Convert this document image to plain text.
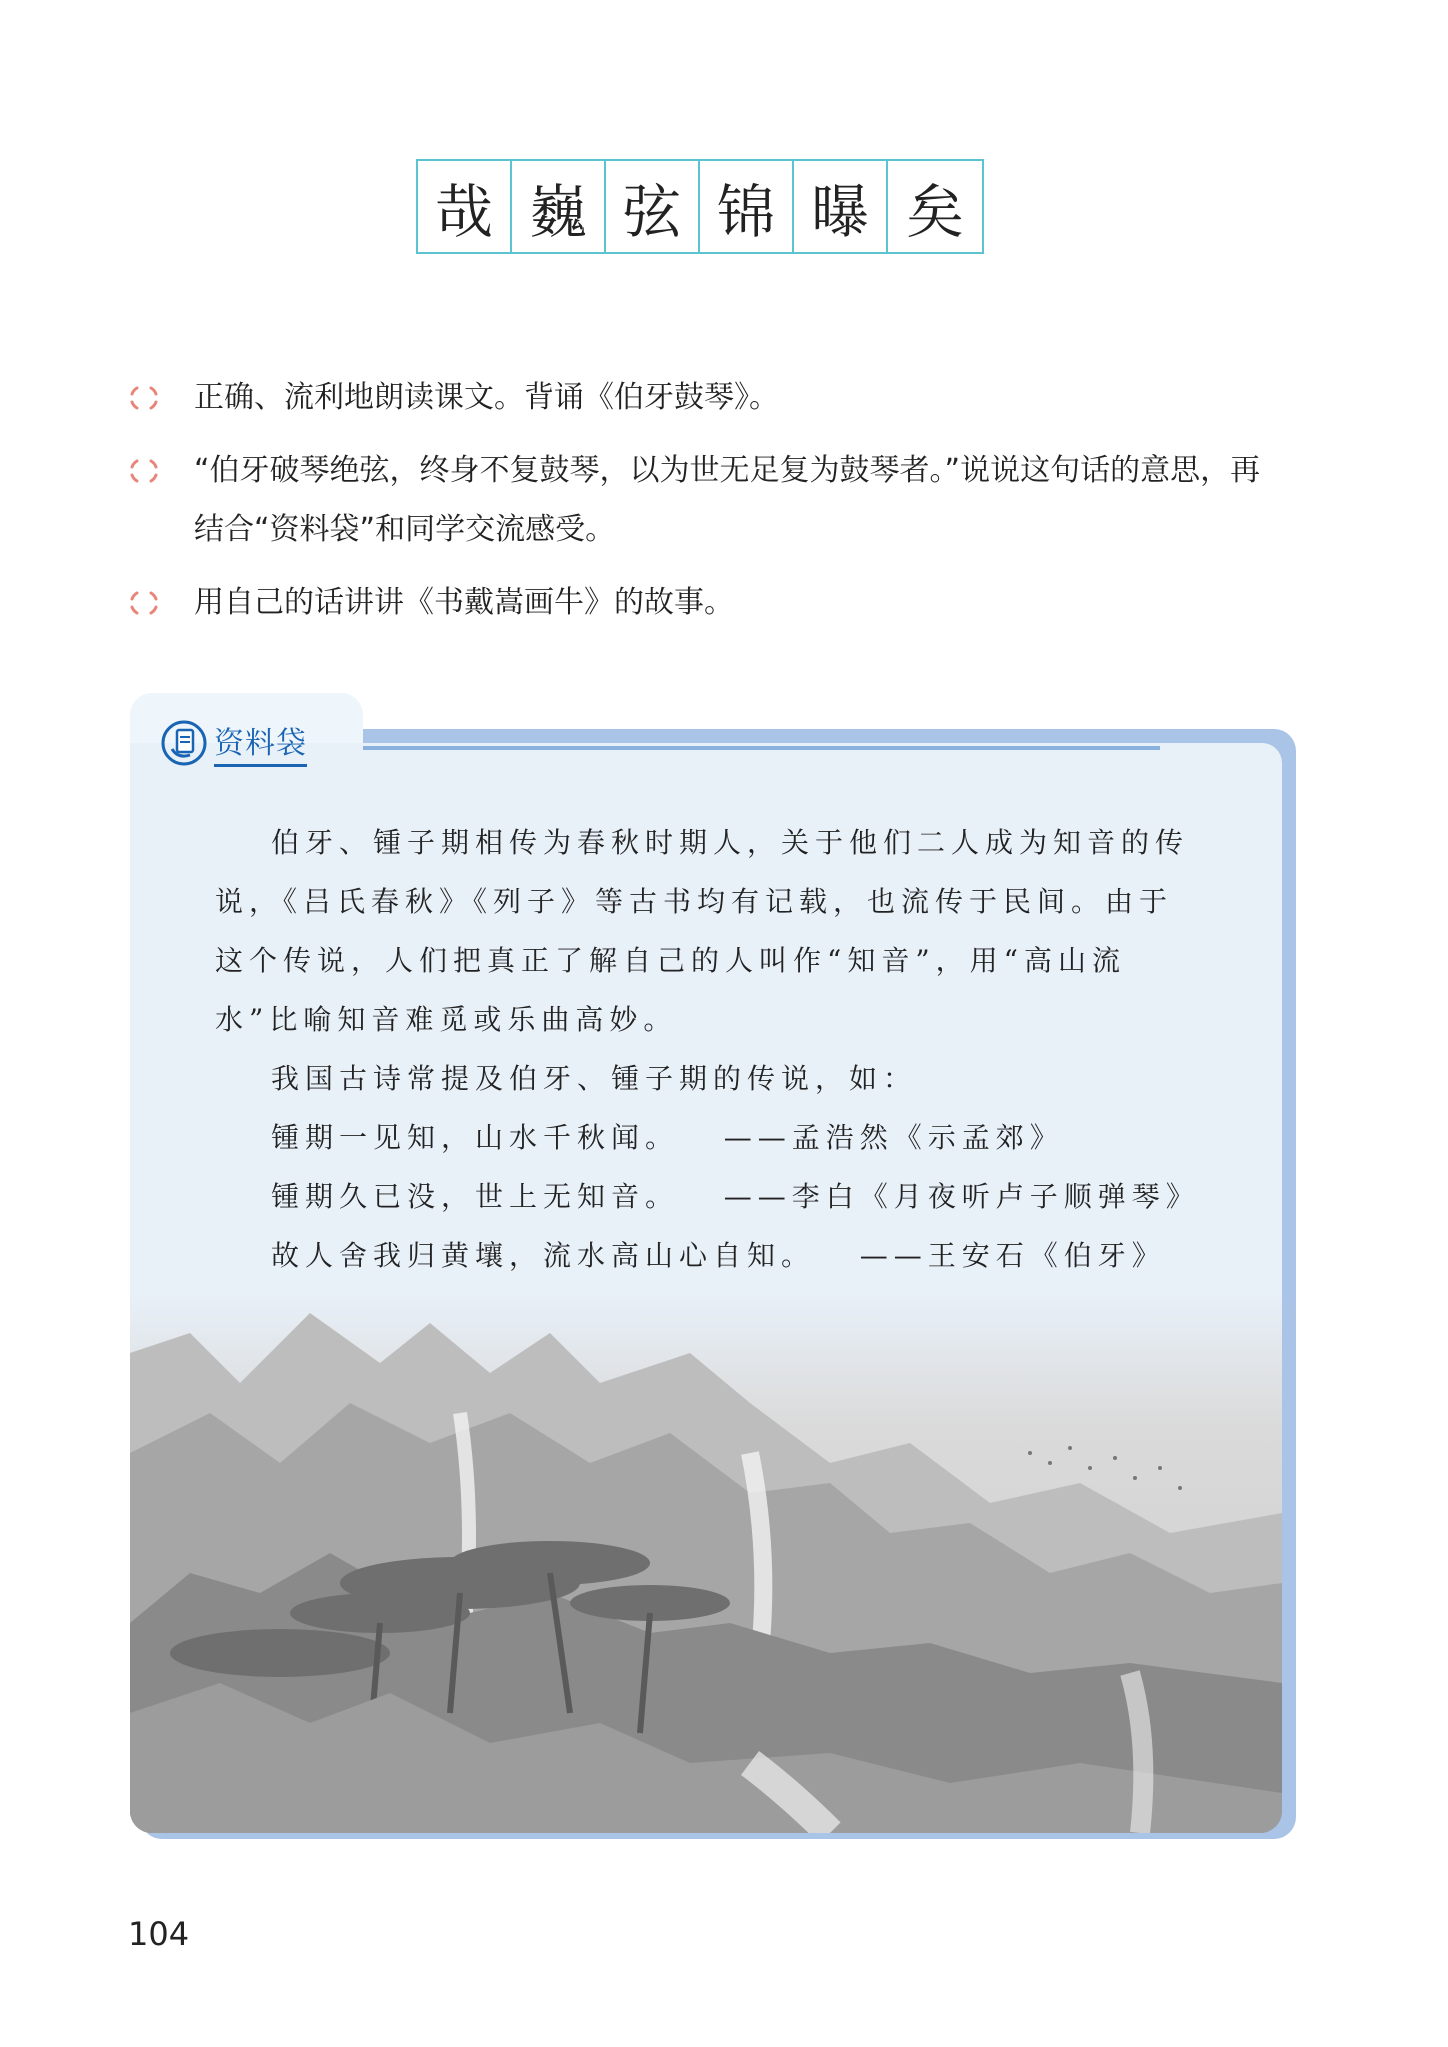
哉 巍 弦 锦 曝 矣
正确、流利地朗读课文。背诵《伯牙鼓琴》。
“伯牙破琴绝弦，终身不复鼓琴，以为世无足复为鼓琴者。”说说这句话的意思，再结合“资料袋”和同学交流感受。
用自己的话讲讲《书戴嵩画牛》的故事。

伯牙、锺子期相传为春秋时期人，关于他们二人成为知音的传说，《吕氏春秋》《列子》等古书均有记载，也流传于民间。由于这个传说，人们把真正了解自己的人叫作“知音”，用“高山流水”比喻知音难觅或乐曲高妙。

我国古诗常提及伯牙、锺子期的传说，如：

锺期一见知，山水千秋闻。 ——孟浩然《示孟郊》

锺期久已没，世上无知音。 ——李白《月夜听卢子顺弹琴》

故人舍我归黄壤，流水高山心自知。 ——王安石《伯牙》

资料袋
104
